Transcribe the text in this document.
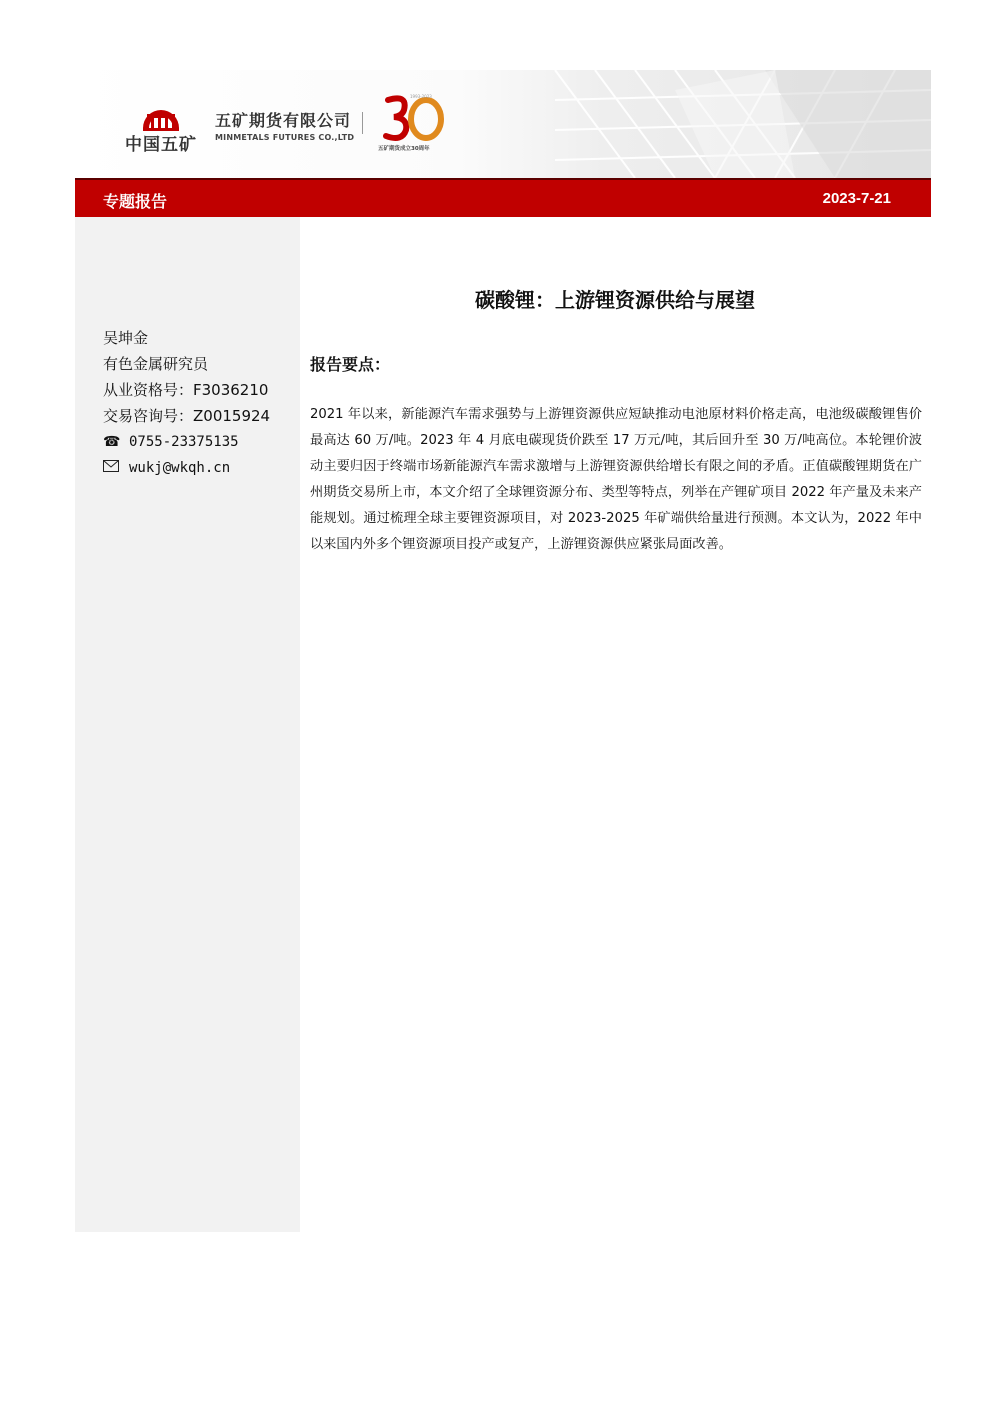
中国五矿
五矿期货有限公司
MINMETALS FUTURES CO.,LTD
1993-2023
五矿期货成立30周年
专题报告	2023-7-21
吴坤金
有色金属研究员
从业资格号：F3036210
交易咨询号：Z0015924
☎ 0755-23375135
wukj@wkqh.cn
碳酸锂：上游锂资源供给与展望
报告要点：
2021 年以来，新能源汽车需求强势与上游锂资源供应短缺推动电池原材料价格走高，电池级碳酸锂售价最高达 60 万/吨。2023 年 4 月底电碳现货价跌至 17 万元/吨，其后回升至 30 万/吨高位。本轮锂价波动主要归因于终端市场新能源汽车需求激增与上游锂资源供给增长有限之间的矛盾。正值碳酸锂期货在广州期货交易所上市，本文介绍了全球锂资源分布、类型等特点，列举在产锂矿项目 2022 年产量及未来产能规划。通过梳理全球主要锂资源项目，对 2023-2025 年矿端供给量进行预测。本文认为，2022 年中以来国内外多个锂资源项目投产或复产，上游锂资源供应紧张局面改善。
